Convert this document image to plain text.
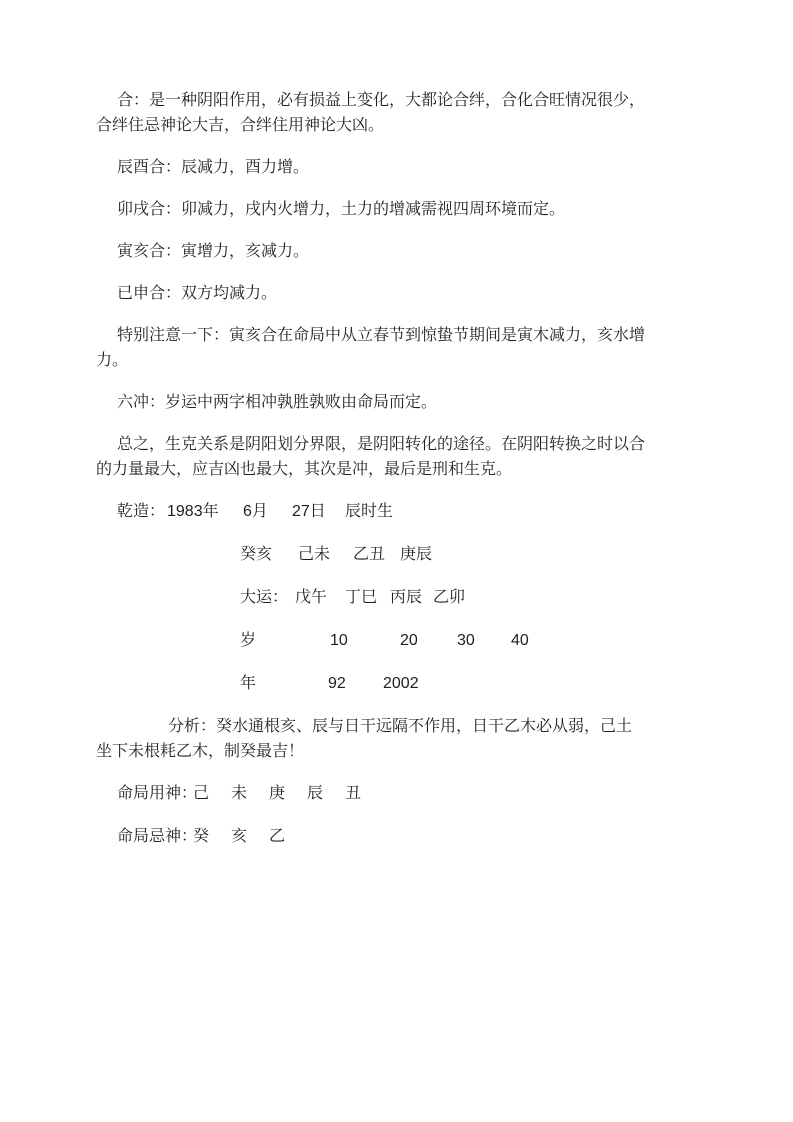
合：是一种阴阳作用，必有损益上变化，大都论合绊，合化合旺情况很少，
合绊住忌神论大吉，合绊住用神论大凶。
辰酉合：辰减力，酉力增。
卯戌合：卯减力，戌内火增力，土力的增减需视四周环境而定。
寅亥合：寅增力，亥减力。
已申合：双方均减力。
特别注意一下：寅亥合在命局中从立春节到惊蛰节期间是寅木减力，亥水增
力。
六冲：岁运中两字相冲孰胜孰败由命局而定。
总之，生克关系是阴阳划分界限，是阴阳转化的途径。在阴阳转换之时以合
的力量最大，应吉凶也最大，其次是冲，最后是刑和生克。
乾造： 1983年 6月 27日 辰时生
癸亥 己未 乙丑 庚辰
大运： 戊午 丁巳 丙辰 乙卯
岁	10	20 30 40
年	92 2002
分析：癸水通根亥、辰与日干远隔不作用，日干乙木必从弱，己土
坐下未根耗乙木，制癸最吉！
命局用神：
己 未 庚 辰 丑
命局忌神：
癸 亥 乙
